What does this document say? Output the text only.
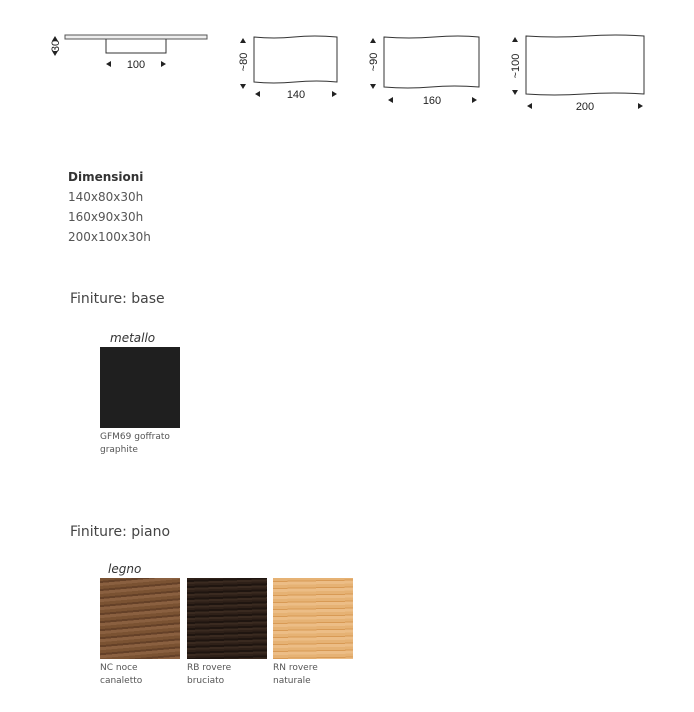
30
100	~80
140
~90
160
~100
200
Dimensioni
140x80x30h
160x90x30h
200x100x30h
Finiture: base
metallo
GFM69 goffrato graphite
Finiture: piano
legno
NC noce canaletto
RB rovere bruciato
RN rovere naturale
